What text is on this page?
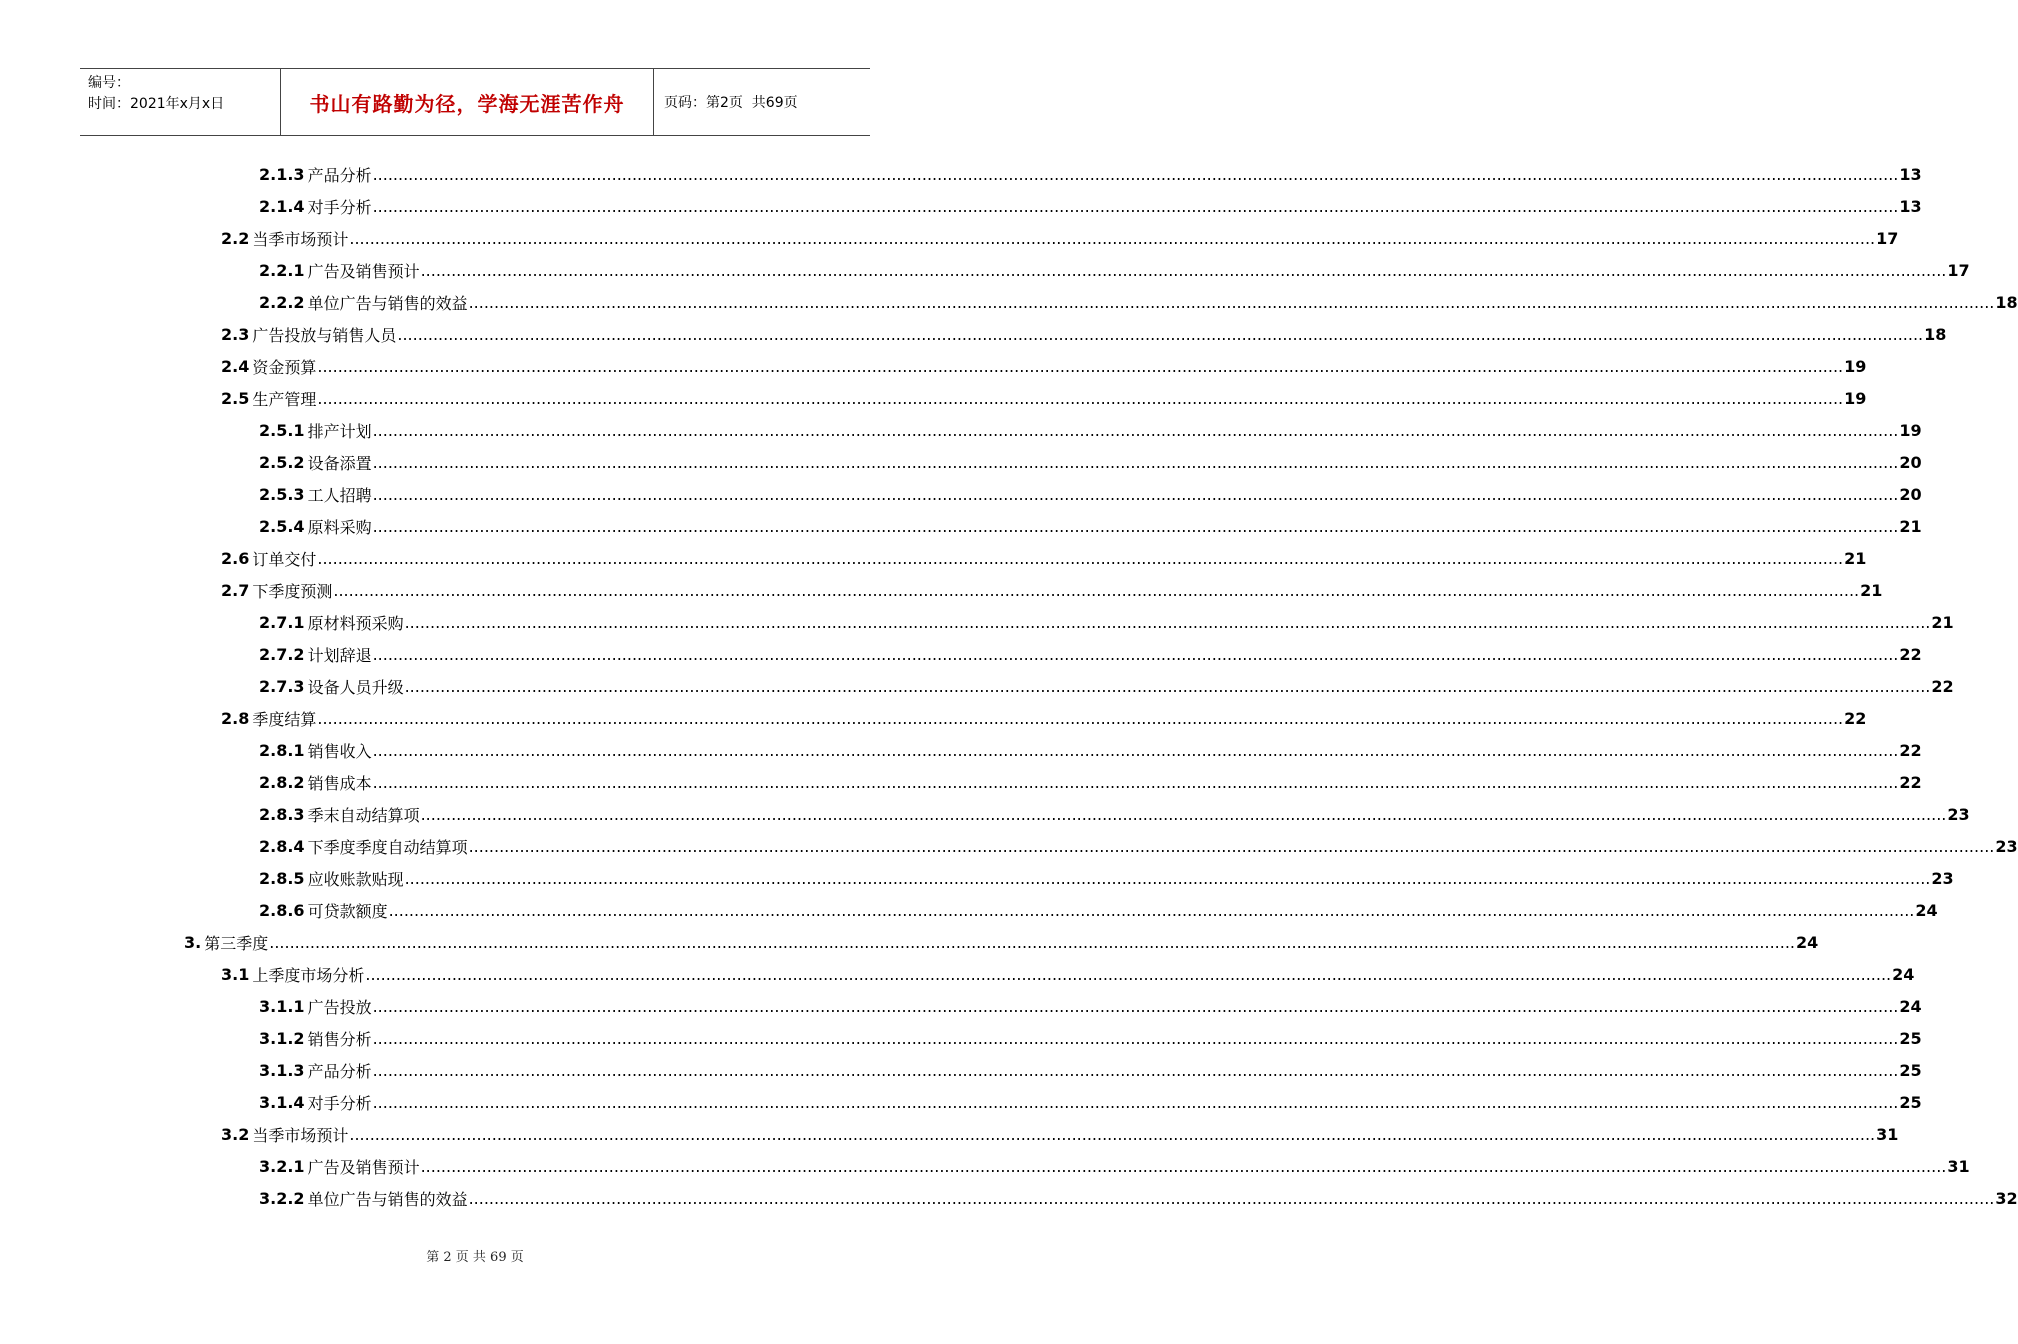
编号：
时间：2021年x月x日	书山有路勤为径，学海无涯苦作舟	页码：第2页  共69页
2.1.3 产品分析 ............................................................................................................................................................................................................................................................................................................ 13
2.1.4 对手分析 ............................................................................................................................................................................................................................................................................................................ 13
2.2 当季市场预计 ............................................................................................................................................................................................................................................................................................................ 17
2.2.1 广告及销售预计 ............................................................................................................................................................................................................................................................................................................ 17
2.2.2 单位广告与销售的效益 ............................................................................................................................................................................................................................................................................................................ 18
2.3 广告投放与销售人员 ............................................................................................................................................................................................................................................................................................................ 18
2.4 资金预算 ............................................................................................................................................................................................................................................................................................................ 19
2.5 生产管理 ............................................................................................................................................................................................................................................................................................................ 19
2.5.1 排产计划 ............................................................................................................................................................................................................................................................................................................ 19
2.5.2 设备添置 ............................................................................................................................................................................................................................................................................................................ 20
2.5.3 工人招聘 ............................................................................................................................................................................................................................................................................................................ 20
2.5.4 原料采购 ............................................................................................................................................................................................................................................................................................................ 21
2.6 订单交付 ............................................................................................................................................................................................................................................................................................................ 21
2.7 下季度预测 ............................................................................................................................................................................................................................................................................................................ 21
2.7.1 原材料预采购 ............................................................................................................................................................................................................................................................................................................ 21
2.7.2 计划辞退 ............................................................................................................................................................................................................................................................................................................ 22
2.7.3 设备人员升级 ............................................................................................................................................................................................................................................................................................................ 22
2.8 季度结算 ............................................................................................................................................................................................................................................................................................................ 22
2.8.1 销售收入 ............................................................................................................................................................................................................................................................................................................ 22
2.8.2 销售成本 ............................................................................................................................................................................................................................................................................................................ 22
2.8.3 季末自动结算项 ............................................................................................................................................................................................................................................................................................................ 23
2.8.4 下季度季度自动结算项 ............................................................................................................................................................................................................................................................................................................ 23
2.8.5 应收账款贴现 ............................................................................................................................................................................................................................................................................................................ 23
2.8.6 可贷款额度 ............................................................................................................................................................................................................................................................................................................ 24
3. 第三季度 ............................................................................................................................................................................................................................................................................................................ 24
3.1 上季度市场分析 ............................................................................................................................................................................................................................................................................................................ 24
3.1.1 广告投放 ............................................................................................................................................................................................................................................................................................................ 24
3.1.2 销售分析 ............................................................................................................................................................................................................................................................................................................ 25
3.1.3 产品分析 ............................................................................................................................................................................................................................................................................................................ 25
3.1.4 对手分析 ............................................................................................................................................................................................................................................................................................................ 25
3.2 当季市场预计 ............................................................................................................................................................................................................................................................................................................ 31
3.2.1 广告及销售预计 ............................................................................................................................................................................................................................................................................................................ 31
3.2.2 单位广告与销售的效益 ............................................................................................................................................................................................................................................................................................................ 32
第 2 页 共 69 页
